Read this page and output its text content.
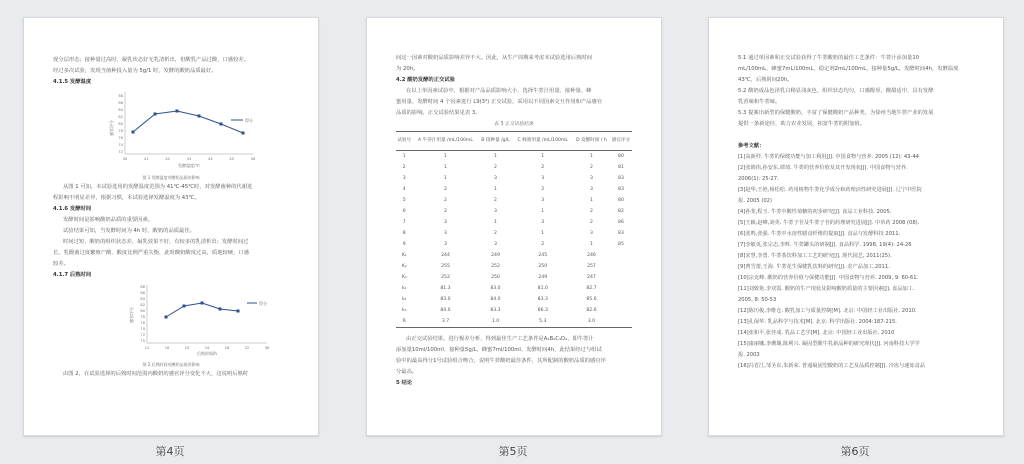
现分层形态；接种量过高时，凝乳状态好无乳清析出，但酸乳产品过酸，口感较差。
经过多次试验，发现当菌种投入量为 5g/1 时，发酵的酸奶品质最好。
4.1.5 发酵温度
感官评分
72
74
76
78
80
82
84
86
88
40	41	42	43	44	45	46
得分
发酵温度/℃
图 1 发酵温度对酸奶品质的影响
从图 1 可知，本试验选用的发酵温度范围为 41℃-45℃时，对发酵菌种的代谢进
程影响不明显差异，根据习惯，本试验选择发酵温度为 43℃。
4.1.6 发酵时间
发酵时间是影响酸奶品质的重要因素。
试验结果可知，当发酵时间为 4h 时，酸奶的品质最佳。
时间过短，酸奶的组织状态差，凝乳效果不好，有较多的乳清析出；发酵时间过
长，乳酸菌过度繁殖产酸，酸度比例严重失衡，此时酸奶酸度过高，质地较硬，口感
较差。
4.1.7 后熟时间
感官评分
70
72
74
76
78
80
82
84
86
88
12	16	20	24	28	32	36
得分
后熟时间/h
图 2 后熟时间对酸奶品质的影响
由图 2，在试验选择的后熟时间范围内酸奶的感官评分变化不大，这说明后熟时
第4页
间这一因素对酸奶品质影响差异不大。因此，从生产周期来考虑本试验选用后熟时间
为 20h。
4.2 酸奶发酵的正交试验
在以上单因素试验中，根据对产品品质影响大小，选择牛蒡汁用量、接种量、蜂
蜜用量、发酵时间 4 个因素进行 L9(3⁴) 正交试验，采用以不同因素交互作用和产品感官
品质的影响。正交试验结果见表 3。
表 3 正交试验结果
试验号	A 牛蒡汁用量 /mL/100mL	B 接种量 /g/L	C 蜂蜜用量 /mL/100mL	D 发酵时间 / h	感官评分
1	1	1	1	1	80
2	1	2	2	2	81
3	1	3	3	3	83
4	2	1	2	3	83
5	2	2	3	1	80
6	2	3	1	2	82
7	3	1	3	2	86
8	3	2	1	3	83
9	3	3	2	1	85
K₁	244	249	245	246	
K₂	255	252	250	257	
K₃	252	250	249	247	
k₁	81.3	83.0	81.0	82.7	
k₂	83.0	84.0	83.3	85.6	
k₃	84.0	83.3	86.3	82.6	
R	3.7	1.0	5.3	3.0	
由正交试验结果，进行极差分析，得到最佳生产工艺条件是A₂B₂C₃D₂，即牛蒡汁
添加量10ml/100ml、接种量5g/L、蜂蜜7ml/100ml、发酵时间4h，此结果经过与组试
验中的最高得分1号试验组合吻合，说明牛蒡酸奶最佳条件，其所配制的酸奶品质的感官评
分最高。
5 结论
第5页
5.1 通过单因素和正交试验获得了牛蒡酸奶的最佳工艺条件：牛蒡汁添加量10
mL/100mL、蜂蜜7mL/100mL，稳定剂2mL/100mL，接种量5g/L，发酵时间4h，发酵温度
43℃，后熟时间20h。
5.2 酸奶成品色泽乳白稍显浅灰色，组织状态均匀，口感醇厚，酸甜适中，具有发酵
乳香味和牛蒡味。
5.3 提案出新型的保健酸奶，丰富了保健酸奶产品种类，为徐州当地牛蒡产业的发展
提供一条新途径，助力农业发展，拓宽牛蒡的附加值。
参考文献：
[1]高新杼. 牛蒡的保健功能与加工利用[J]. 中国食物与营养. 2005 (12): 43-44
[2]张锦伟,孙安东,谭琦. 牛蒡的营养价值及其开发现状[J]. 中国食物与营养.
2006(1): 25-27.
[3]赵华,王艳,杨松松. 药用植物牛蒡化学成分和药理活性研究进展[J]. 辽宁中医院
报. 2005 (02)
[4]孙斐,程玉. 牛蒡中酸性菊糖的初步研究[J]. 食品工业科技. 2005.
[5]王颖,赵峰,刘英. 牛蒡子苷及牛蒡子苷的药理研究进展[J]. 中草药 2008 (08).
[6]张鸣,张强. 牛蒡中水溶性膳食纤维的提取[J]. 食品与发酵科技 2011.
[7]李敏英,张宗志,李辉. 牛蒡罐头的研制[J]. 食品科学. 1998, 19(4): 24-26
[8]宋慧,李勇. 牛蒡茶饮料加工工艺的研究[J]. 现代园艺, 2011(25).
[9]曹雪蕾,王海. 牛蒡花生保健乳饮料的研究[J]. 农产品加工,2011.
[10]宗克峰. 酸奶的营养价值与保健功能[J]. 中国食物与营养. 2009, 9: 60-61.
[11]刘致艳,李双霞. 酸奶的生产现状及影响酸奶质量的主要因素[J]. 食品加工.
2005, 8: 50-53
[12]陈历俊,李维仓. 酸乳加工与质量控制[M]. 北京: 中国轻工业出版社. 2010.
[13]孔保华. 乳品科学与技术[M]. 北京: 科学出版社. 2004:187-215.
[14]张和平,张佳成. 乳品工艺学[M]. 北京: 中国轻工业出版社. 2010
[15]康丽娜,李珊瑚,陈利兴. 凝固型酸牛乳新品种的研究现状[J]. 河南科技大学学
报. 2003
[16]冯晋江,邹圣东,朱新荣. 普通凝固型酸奶的工艺及品质控制[J]. 冷冻与速冻食品
第6页
